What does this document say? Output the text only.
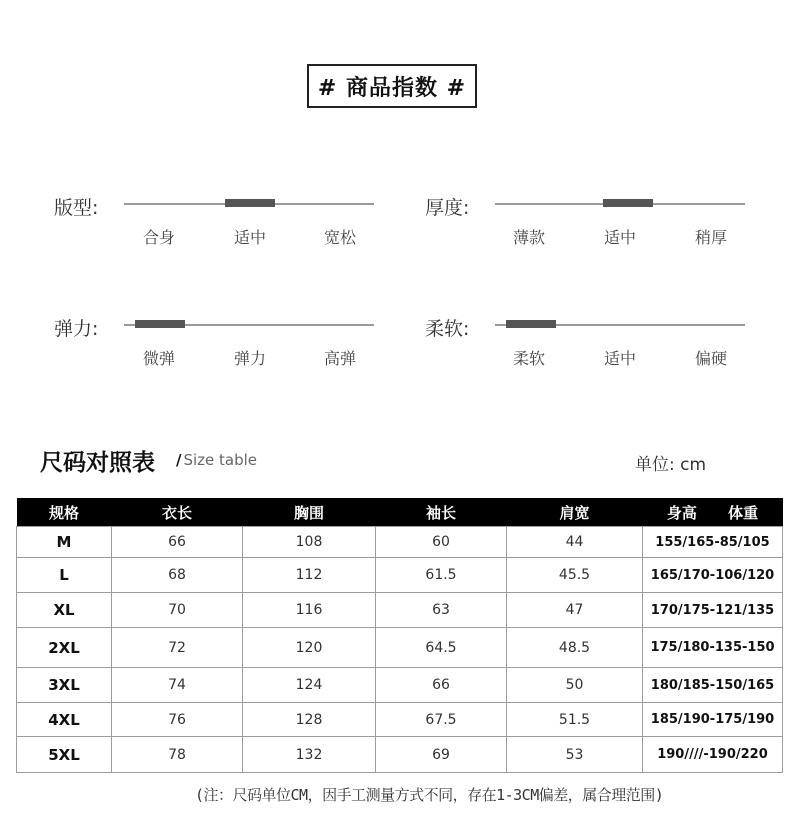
# 商品指数 #
版型:
合身	适中	宽松
厚度:
薄款	适中	稍厚
弹力:
微弹	弹力	高弹
柔软:
柔软	适中	偏硬
尺码对照表 / Size table	单位: cm
规格	衣长	胸围	袖长	肩宽	身高      体重
M	66	108	60	44	155/165-85/105
L	68	112	61.5	45.5	165/170-106/120
XL	70	116	63	47	170/175-121/135
2XL	72	120	64.5	48.5	175/180-135-150
3XL	74	124	66	50	180/185-150/165
4XL	76	128	67.5	51.5	185/190-175/190
5XL	78	132	69	53	190////-190/220
(注：尺码单位CM，因手工测量方式不同，存在1-3CM偏差，属合理范围)
